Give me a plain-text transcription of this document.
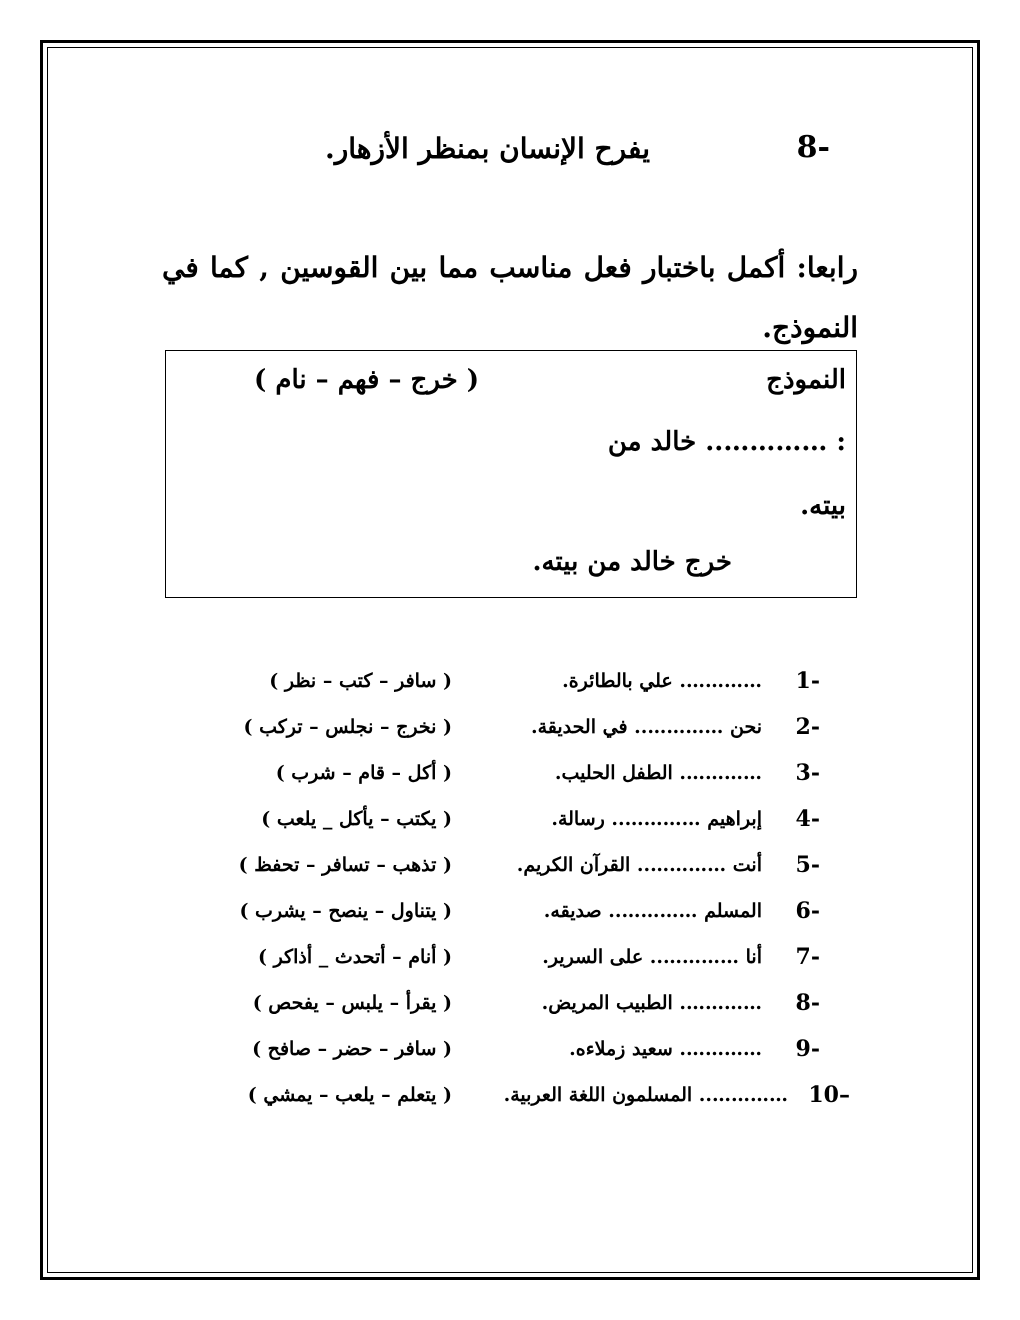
8-
يفرح الإنسان بمنظر الأزهار.
رابعا: أكمل باختبار فعل مناسب مما بين القوسين , كما في النموذج.
النموذج
( خرج – فهم – نام )
: ………….. خالد من
بيته.
خرج خالد من بيته.
1-
…………. علي بالطائرة.
( سافر – كتب – نظر )
2-
نحن ………….. في الحديقة.
( نخرج – نجلس – تركب )
3-
…………. الطفل الحليب.
( أكل – قام – شرب )
4-
إبراهيم ………….. رسالة.
( يكتب – يأكل _ يلعب )
5-
أنت ………….. القرآن الكريم.
( تذهب – تسافر – تحفظ )
6-
المسلم ………….. صديقه.
( يتناول – ينصح – يشرب )
7-
أنا ………….. على السرير.
( أنام – أتحدث _ أذاكر )
8-
…………. الطبيب المريض.
( يقرأ – يلبس – يفحص )
9-
…………. سعيد زملاءه.
( سافر – حضر – صافح )
10–
………….. المسلمون اللغة العربية.
( يتعلم – يلعب – يمشي )
